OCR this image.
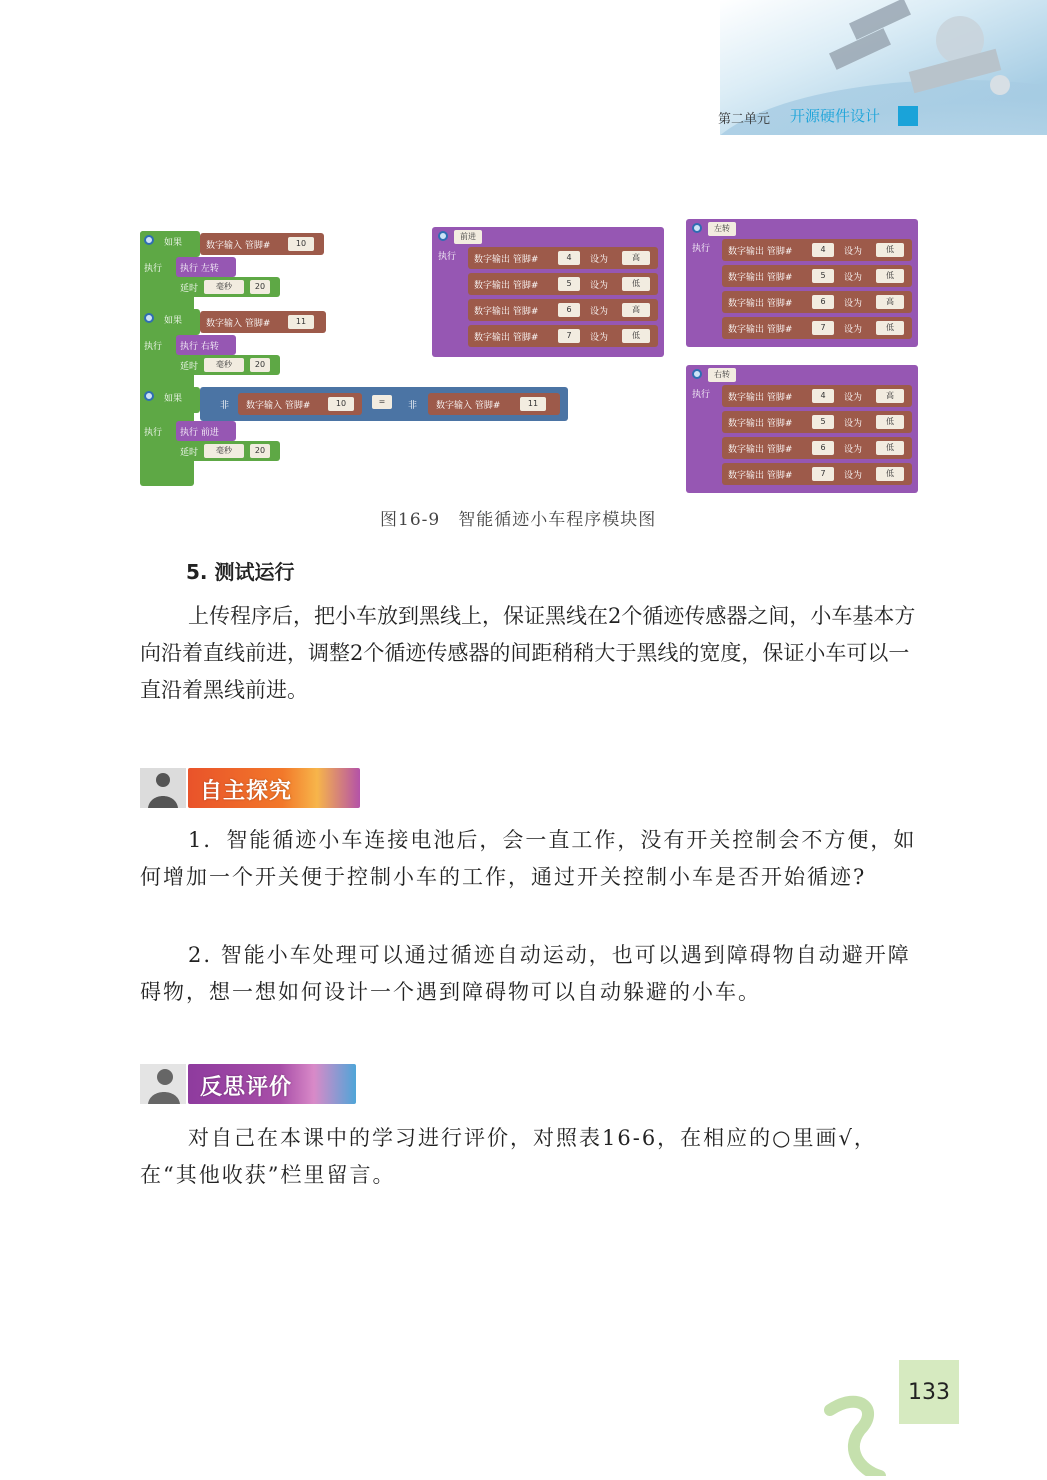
第二单元 开源硬件设计
如果	数字输入 管脚#	10
执行 执行 左转
延时	毫秒	20
如果	数字输入 管脚#	11
执行 执行 右转
延时	毫秒	20
如果
非 数字输入 管脚#	10	=	非 数字输入 管脚#	11
执行 执行 前进
延时	毫秒	20
前进
执行
左转
执行
右转
执行
数字输出 管脚#	4	设为	高
数字输出 管脚#	5	设为	低
数字输出 管脚#	6	设为	高
数字输出 管脚#	7	设为	低
数字输出 管脚#	4	设为	低
数字输出 管脚#	5	设为	低
数字输出 管脚#	6	设为	高
数字输出 管脚#	7	设为	低
数字输出 管脚#	4	设为	高
数字输出 管脚#	5	设为	低
数字输出 管脚#	6	设为	低
数字输出 管脚#	7	设为	低
图16-9　智能循迹小车程序模块图
5. 测试运行
上传程序后，把小车放到黑线上，保证黑线在2个循迹传感器之间，小车基本方向沿着直线前进，调整2个循迹传感器的间距稍稍大于黑线的宽度，保证小车可以一直沿着黑线前进。
自主探究
1．智能循迹小车连接电池后，会一直工作，没有开关控制会不方便，如何增加一个开关便于控制小车的工作，通过开关控制小车是否开始循迹?
2. 智能小车处理可以通过循迹自动运动，也可以遇到障碍物自动避开障碍物，想一想如何设计一个遇到障碍物可以自动躲避的小车。
反思评价
对自己在本课中的学习进行评价，对照表16-6，在相应的○里画√，在“其他收获”栏里留言。
133
